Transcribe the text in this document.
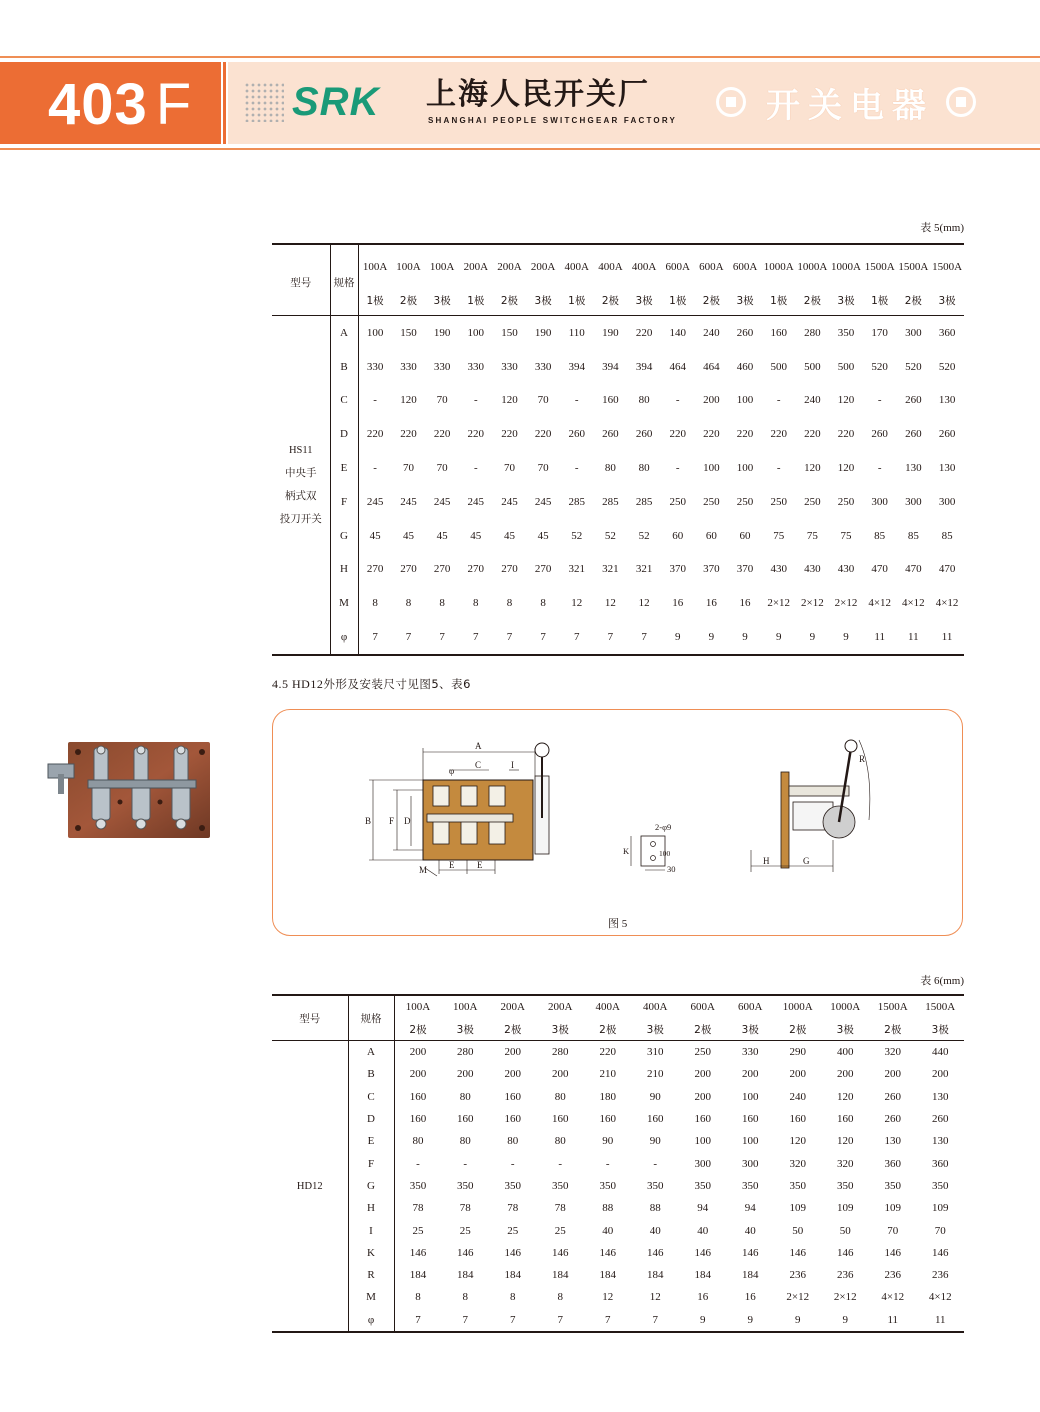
403 F SRK 上海人民开关厂
SHANGHAI PEOPLE SWITCHGEAR FACTORY	开关电器
表 5(mm)
型号	规格	100A	100A	100A	200A	200A	200A	400A	400A	400A	600A	600A	600A	1000A	1000A	1000A	1500A	1500A	1500A
		1极	2极	3极	1极	2极	3极	1极	2极	3极	1极	2极	3极	1极	2极	3极	1极	2极	3极

HS11
中央手
柄式双
投刀开关	A	100	150	190	100	150	190	110	190	220	140	240	260	160	280	350	170	300	360
	B	330	330	330	330	330	330	394	394	394	464	464	460	500	500	500	520	520	520
	C	-	120	70	-	120	70	-	160	80	-	200	100	-	240	120	-	260	130
	D	220	220	220	220	220	220	260	260	260	220	220	220	220	220	220	260	260	260
	E	-	70	70	-	70	70	-	80	80	-	100	100	-	120	120	-	130	130
	F	245	245	245	245	245	245	285	285	285	250	250	250	250	250	250	300	300	300
	G	45	45	45	45	45	45	52	52	52	60	60	60	75	75	75	85	85	85
	H	270	270	270	270	270	270	321	321	321	370	370	370	430	430	430	470	470	470
	M	8	8	8	8	8	8	12	12	12	16	16	16	2×12	2×12	2×12	4×12	4×12	4×12
	φ	7	7	7	7	7	7	7	7	7	9	9	9	9	9	9	11	11	11
4.5 HD12外形及安装尺寸见图5、表6
A
C
φ
I
B F D
M E	E
2-φ9
K	100
30
R
H	G
图 5
表 6(mm)
型号	规格	100A	100A	200A	200A	400A	400A	600A	600A	1000A	1000A	1500A	1500A
		2极	3极	2极	3极	2极	3极	2极	3极	2极	3极	2极	3极
HD12	A	200	280	200	280	220	310	250	330	290	400	320	440
	B	200	200	200	200	210	210	200	200	200	200	200	200
	C	160	80	160	80	180	90	200	100	240	120	260	130
	D	160	160	160	160	160	160	160	160	160	160	260	260
	E	80	80	80	80	90	90	100	100	120	120	130	130
	F	-	-	-	-	-	-	300	300	320	320	360	360
	G	350	350	350	350	350	350	350	350	350	350	350	350
	H	78	78	78	78	88	88	94	94	109	109	109	109
	I	25	25	25	25	40	40	40	40	50	50	70	70
	K	146	146	146	146	146	146	146	146	146	146	146	146
	R	184	184	184	184	184	184	184	184	236	236	236	236
	M	8	8	8	8	12	12	16	16	2×12	2×12	4×12	4×12
	φ	7	7	7	7	7	7	9	9	9	9	11	11
